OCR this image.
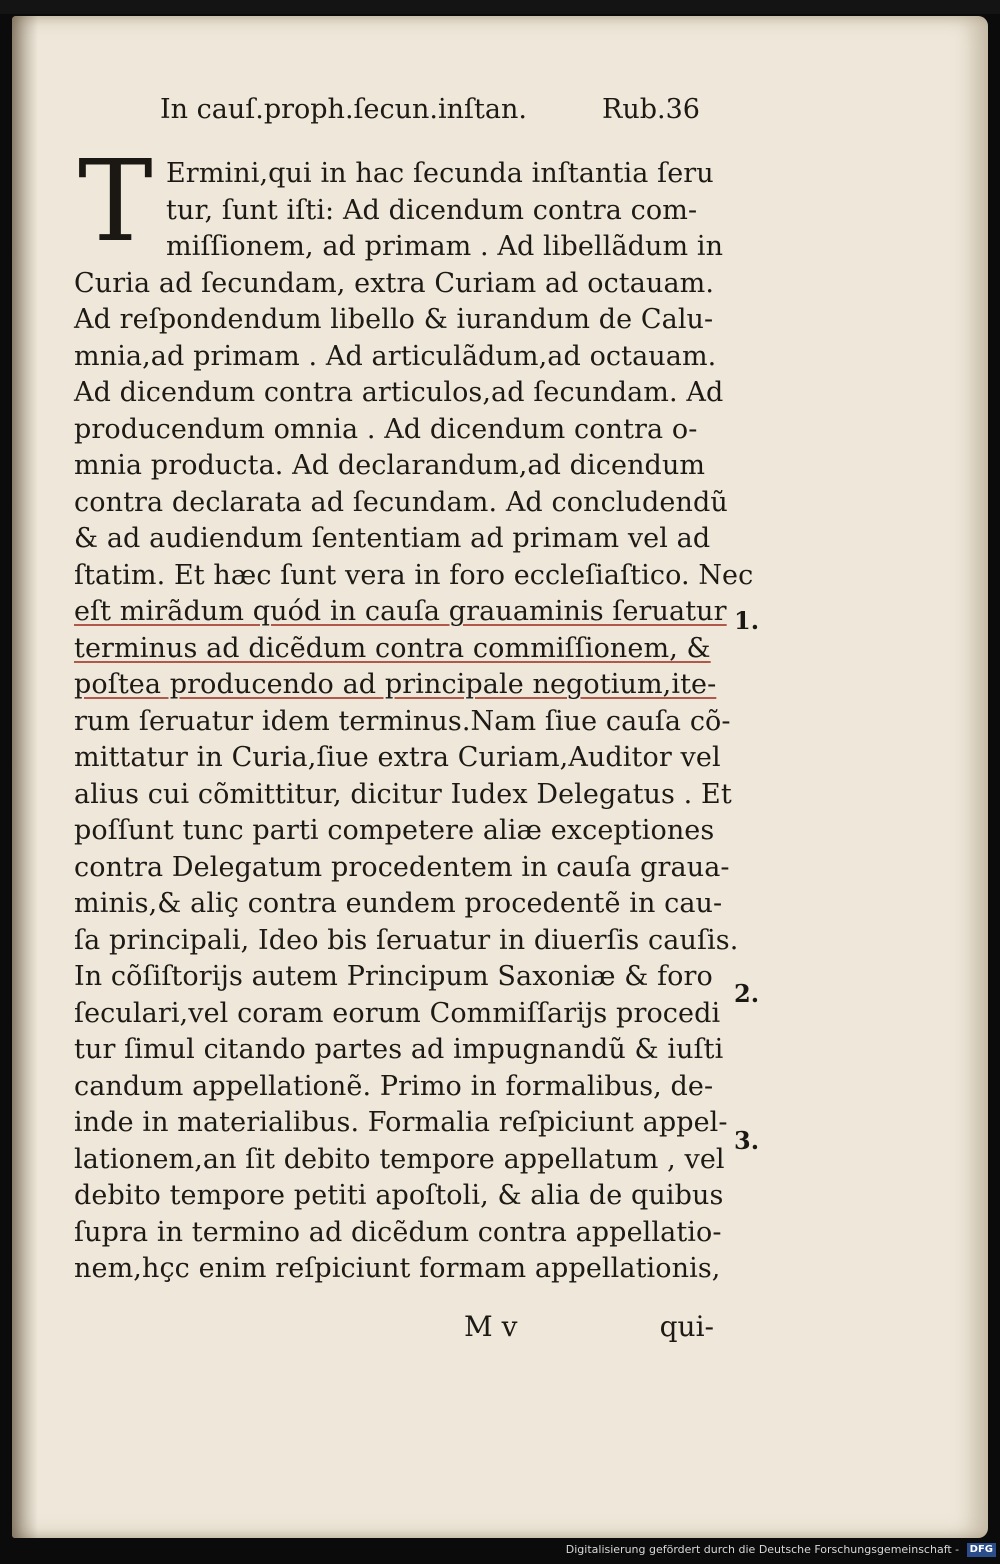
In cauſ.proph.ſecun.inſtan.	Rub.36
T Ermini,qui in hac ſecunda inſtantia ſeru
tur, ſunt iſti: Ad dicendum contra com-
miſſionem, ad primam . Ad libellãdum in
Curia ad ſecundam, extra Curiam ad octauam.
Ad reſpondendum libello & iurandum de Calu-
mnia,ad primam . Ad articulãdum,ad octauam.
Ad dicendum contra articulos,ad ſecundam. Ad
producendum omnia . Ad dicendum contra o-
mnia producta. Ad declarandum,ad dicendum
contra declarata ad ſecundam. Ad concludendũ
& ad audiendum ſententiam ad primam vel ad
ſtatim. Et hæc ſunt vera in foro eccleſiaſtico. Nec
eſt mirãdum quód in cauſa grauaminis ſeruatur
terminus ad dicẽdum contra commiſſionem, &
poſtea producendo ad principale negotium,ite-
rum ſeruatur idem terminus.Nam ſiue cauſa cõ-
mittatur in Curia,ſiue extra Curiam,Auditor vel
alius cui cõmittitur, dicitur Iudex Delegatus . Et
poſſunt tunc parti competere aliæ exceptiones
contra Delegatum procedentem in cauſa graua-
minis,& aliç contra eundem procedentẽ in cau-
ſa principali, Ideo bis ſeruatur in diuerſis cauſis.
In cõſiſtorijs autem Principum Saxoniæ & foro
ſeculari,vel coram eorum Commiſſarijs procedi
tur ſimul citando partes ad impugnandũ & iuſti
candum appellationẽ. Primo in formalibus, de-
inde in materialibus. Formalia reſpiciunt appel-
lationem,an ſit debito tempore appellatum , vel
debito tempore petiti apoſtoli, & alia de quibus
ſupra in termino ad dicẽdum contra appellatio-
nem,hçc enim reſpiciunt formam appellationis,
1.
2.
3.
M v	qui-
Digitalisierung gefördert durch die Deutsche Forschungsgemeinschaft - DFG
